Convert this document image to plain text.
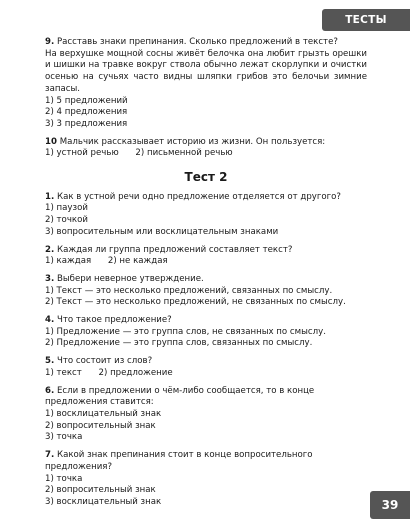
ТЕСТЫ

9. Расставь знаки препинания. Сколько предложений в тексте?

На верхушке мощной сосны живёт белочка она любит грызть орешки и шишки на травке вокруг ствола обычно лежат скорлупки и очистки осенью на сучьях часто видны шляпки грибов это белочьи зимние запасы.

1) 5 предложений
2) 4 предложения
3) 3 предложения

10 Мальчик рассказывает историю из жизни. Он пользуется:

1) устной речью 2) письменной речью
Тест 2

1. Как в устной речи одно предложение отделяется от другого?

1) паузой
2) точкой
3) вопросительным или восклицательным знаками

2. Каждая ли группа предложений составляет текст?

1) каждая 2) не каждая

3. Выбери неверное утверждение.

1) Текст — это несколько предложений, связанных по смыслу.
2) Текст — это несколько предложений, не связанных по смыслу.

4. Что такое предложение?

1) Предложение — это группа слов, не связанных по смыслу.
2) Предложение — это группа слов, связанных по смыслу.

5. Что состоит из слов?

1) текст 2) предложение

6. Если в предложении о чём-либо сообщается, то в конце предложения ставится:

1) восклицательный знак
2) вопросительный знак
3) точка

7. Какой знак препинания стоит в конце вопросительного предложения?

1) точка
2) вопросительный знак
3) восклицательный знак	39
